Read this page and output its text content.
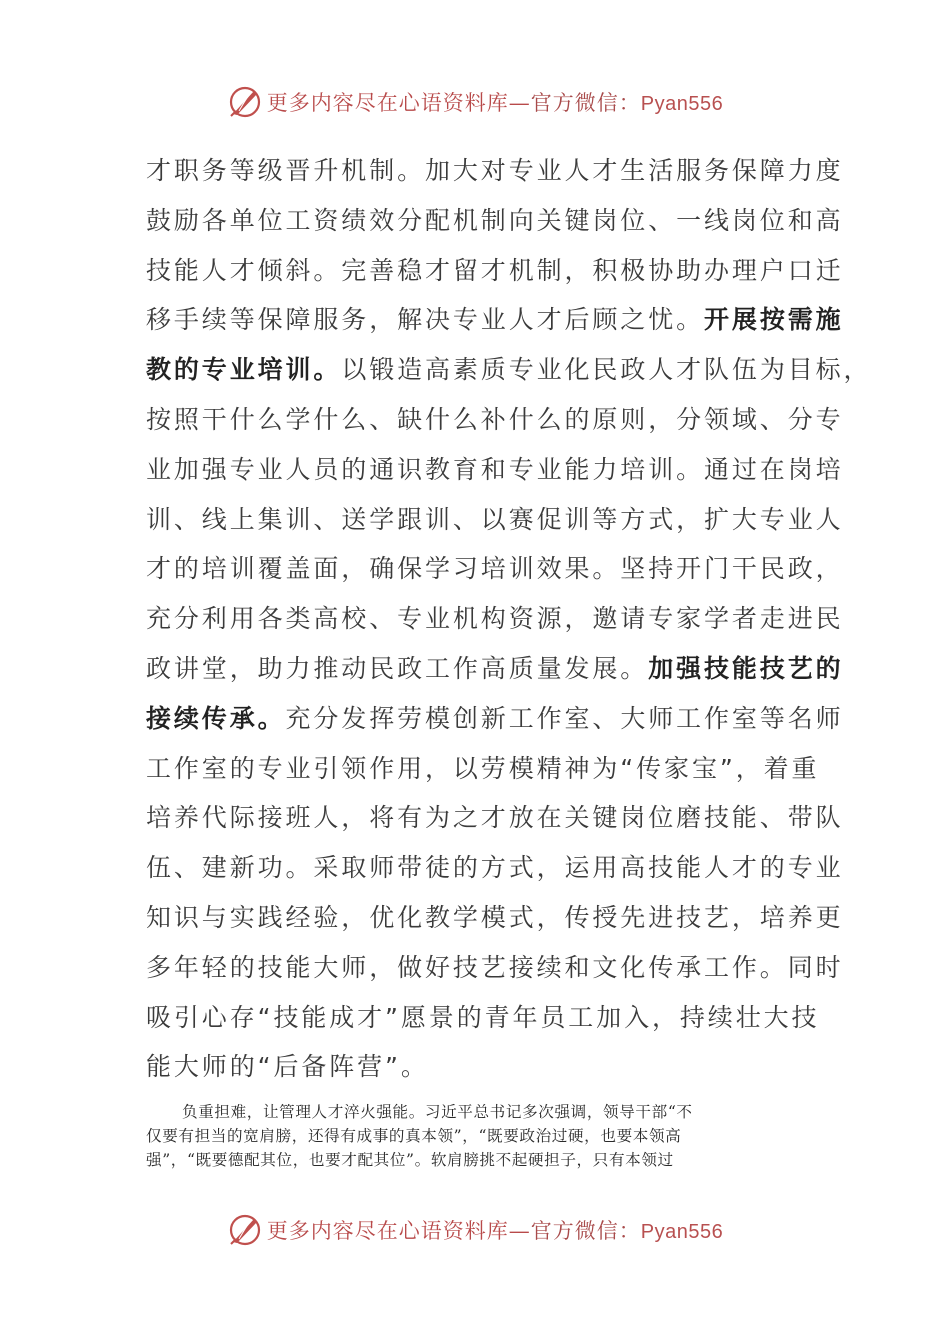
更多内容尽在心语资料库—官方微信：Pyan556
才职务等级晋升机制。加大对专业人才生活服务保障力度
鼓励各单位工资绩效分配机制向关键岗位、一线岗位和高
技能人才倾斜。完善稳才留才机制，积极协助办理户口迁
移手续等保障服务，解决专业人才后顾之忧。开展按需施
教的专业培训。以锻造高素质专业化民政人才队伍为目标，
按照干什么学什么、缺什么补什么的原则，分领域、分专
业加强专业人员的通识教育和专业能力培训。通过在岗培
训、线上集训、送学跟训、以赛促训等方式，扩大专业人
才的培训覆盖面，确保学习培训效果。坚持开门干民政，
充分利用各类高校、专业机构资源，邀请专家学者走进民
政讲堂，助力推动民政工作高质量发展。加强技能技艺的
接续传承。充分发挥劳模创新工作室、大师工作室等名师
工作室的专业引领作用，以劳模精神为“传家宝”，着重
培养代际接班人，将有为之才放在关键岗位磨技能、带队
伍、建新功。采取师带徒的方式，运用高技能人才的专业
知识与实践经验，优化教学模式，传授先进技艺，培养更
多年轻的技能大师，做好技艺接续和文化传承工作。同时
吸引心存“技能成才”愿景的青年员工加入，持续壮大技
能大师的“后备阵营”。
负重担难，让管理人才淬火强能。习近平总书记多次强调，领导干部“不
仅要有担当的宽肩膀，还得有成事的真本领”，“既要政治过硬，也要本领高
强”，“既要德配其位，也要才配其位”。软肩膀挑不起硬担子，只有本领过
更多内容尽在心语资料库—官方微信：Pyan556
